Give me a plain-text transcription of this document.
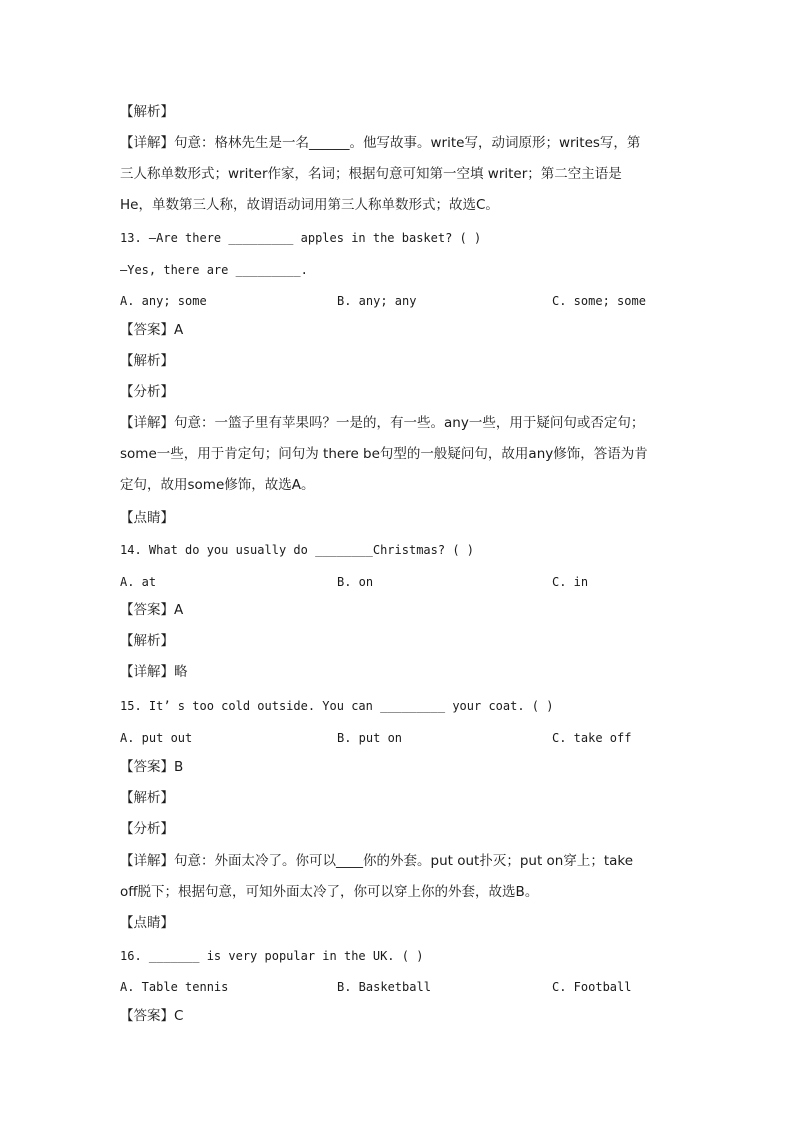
【解析】
【详解】句意：格林先生是一名______。他写故事。write写，动词原形；writes写，第
三人称单数形式；writer作家，名词；根据句意可知第一空填 writer；第二空主语是
He，单数第三人称，故谓语动词用第三人称单数形式；故选C。
13. —Are there _________ apples in the basket? ( )
—Yes, there are _________.
A. any; some	B. any; any	C. some; some
【答案】A
【解析】
【分析】
【详解】句意：一篮子里有苹果吗？一是的，有一些。any一些，用于疑问句或否定句；
some一些，用于肯定句；问句为 there be句型的一般疑问句，故用any修饰，答语为肯
定句，故用some修饰，故选A。
【点睛】
14. What do you usually do ________Christmas? ( )
A. at	B. on	C. in
【答案】A
【解析】
【详解】略
15. It’ s too cold outside. You can _________ your coat. ( )
A. put out	B. put on	C. take off
【答案】B
【解析】
【分析】
【详解】句意：外面太冷了。你可以____你的外套。put out扑灭；put on穿上；take
off脱下；根据句意，可知外面太冷了，你可以穿上你的外套，故选B。
【点睛】
16. _______ is very popular in the UK. ( )
A. Table tennis	B. Basketball	C. Football
【答案】C
